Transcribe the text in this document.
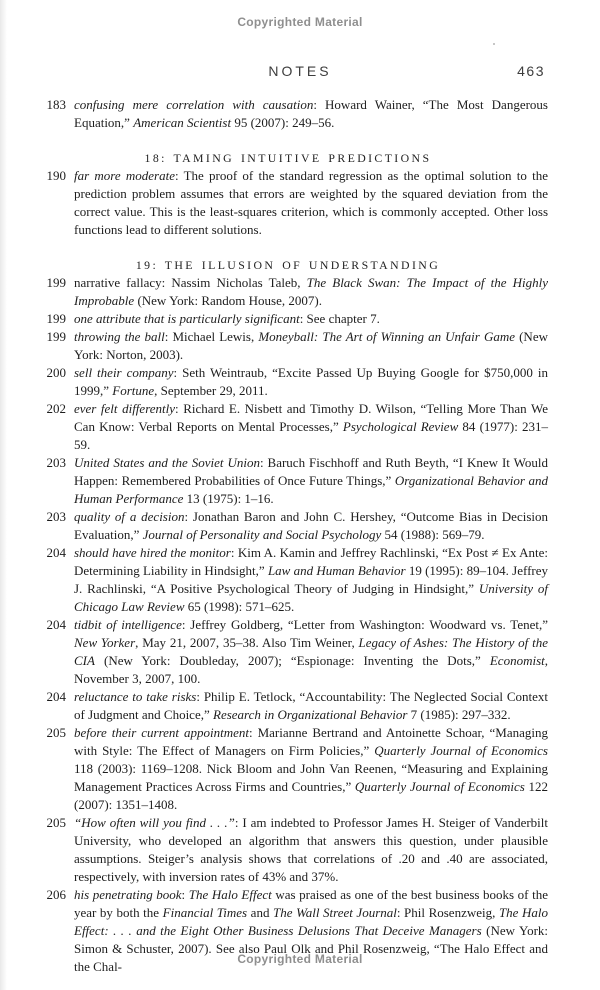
Copyrighted Material
NOTES	463
183 confusing mere correlation with causation: Howard Wainer, “The Most Dangerous Equation,” American Scientist 95 (2007): 249–56.

18: TAMING INTUITIVE PREDICTIONS
190 far more moderate: The proof of the standard regression as the optimal solution to the prediction problem assumes that errors are weighted by the squared deviation from the correct value. This is the least-squares criterion, which is commonly accepted. Other loss functions lead to different solutions.

19: THE ILLUSION OF UNDERSTANDING
199 narrative fallacy: Nassim Nicholas Taleb, The Black Swan: The Impact of the Highly Improbable (New York: Random House, 2007).

199 one attribute that is particularly significant: See chapter 7.

199 throwing the ball: Michael Lewis, Moneyball: The Art of Winning an Unfair Game (New York: Norton, 2003).

200 sell their company: Seth Weintraub, “Excite Passed Up Buying Google for $750,000 in 1999,” Fortune, September 29, 2011.

202 ever felt differently: Richard E. Nisbett and Timothy D. Wilson, “Telling More Than We Can Know: Verbal Reports on Mental Processes,” Psychological Review 84 (1977): 231–59.

203 United States and the Soviet Union: Baruch Fischhoff and Ruth Beyth, “I Knew It Would Happen: Remembered Probabilities of Once Future Things,” Organizational Behavior and Human Performance 13 (1975): 1–16.

203 quality of a decision: Jonathan Baron and John C. Hershey, “Outcome Bias in Decision Evaluation,” Journal of Personality and Social Psychology 54 (1988): 569–79.

204 should have hired the monitor: Kim A. Kamin and Jeffrey Rachlinski, “Ex Post ≠ Ex Ante: Determining Liability in Hindsight,” Law and Human Behavior 19 (1995): 89–104. Jeffrey J. Rachlinski, “A Positive Psychological Theory of Judging in Hindsight,” University of Chicago Law Review 65 (1998): 571–625.

204 tidbit of intelligence: Jeffrey Goldberg, “Letter from Washington: Woodward vs. Tenet,” New Yorker, May 21, 2007, 35–38. Also Tim Weiner, Legacy of Ashes: The History of the CIA (New York: Doubleday, 2007); “Espionage: Inventing the Dots,” Economist, November 3, 2007, 100.

204 reluctance to take risks: Philip E. Tetlock, “Accountability: The Neglected Social Context of Judgment and Choice,” Research in Organizational Behavior 7 (1985): 297–332.

205 before their current appointment: Marianne Bertrand and Antoinette Schoar, “Managing with Style: The Effect of Managers on Firm Policies,” Quarterly Journal of Economics 118 (2003): 1169–1208. Nick Bloom and John Van Reenen, “Measuring and Explaining Management Practices Across Firms and Countries,” Quarterly Journal of Economics 122 (2007): 1351–1408.

205 “How often will you find . . .”: I am indebted to Professor James H. Steiger of Vanderbilt University, who developed an algorithm that answers this question, under plausible assumptions. Steiger’s analysis shows that correlations of .20 and .40 are associated, respectively, with inversion rates of 43% and 37%.

206 his penetrating book: The Halo Effect was praised as one of the best business books of the year by both the Financial Times and The Wall Street Journal: Phil Rosenzweig, The Halo Effect: . . . and the Eight Other Business Delusions That Deceive Managers (New York: Simon & Schuster, 2007). See also Paul Olk and Phil Rosenzweig, “The Halo Effect and the Chal-	Copyrighted Material
